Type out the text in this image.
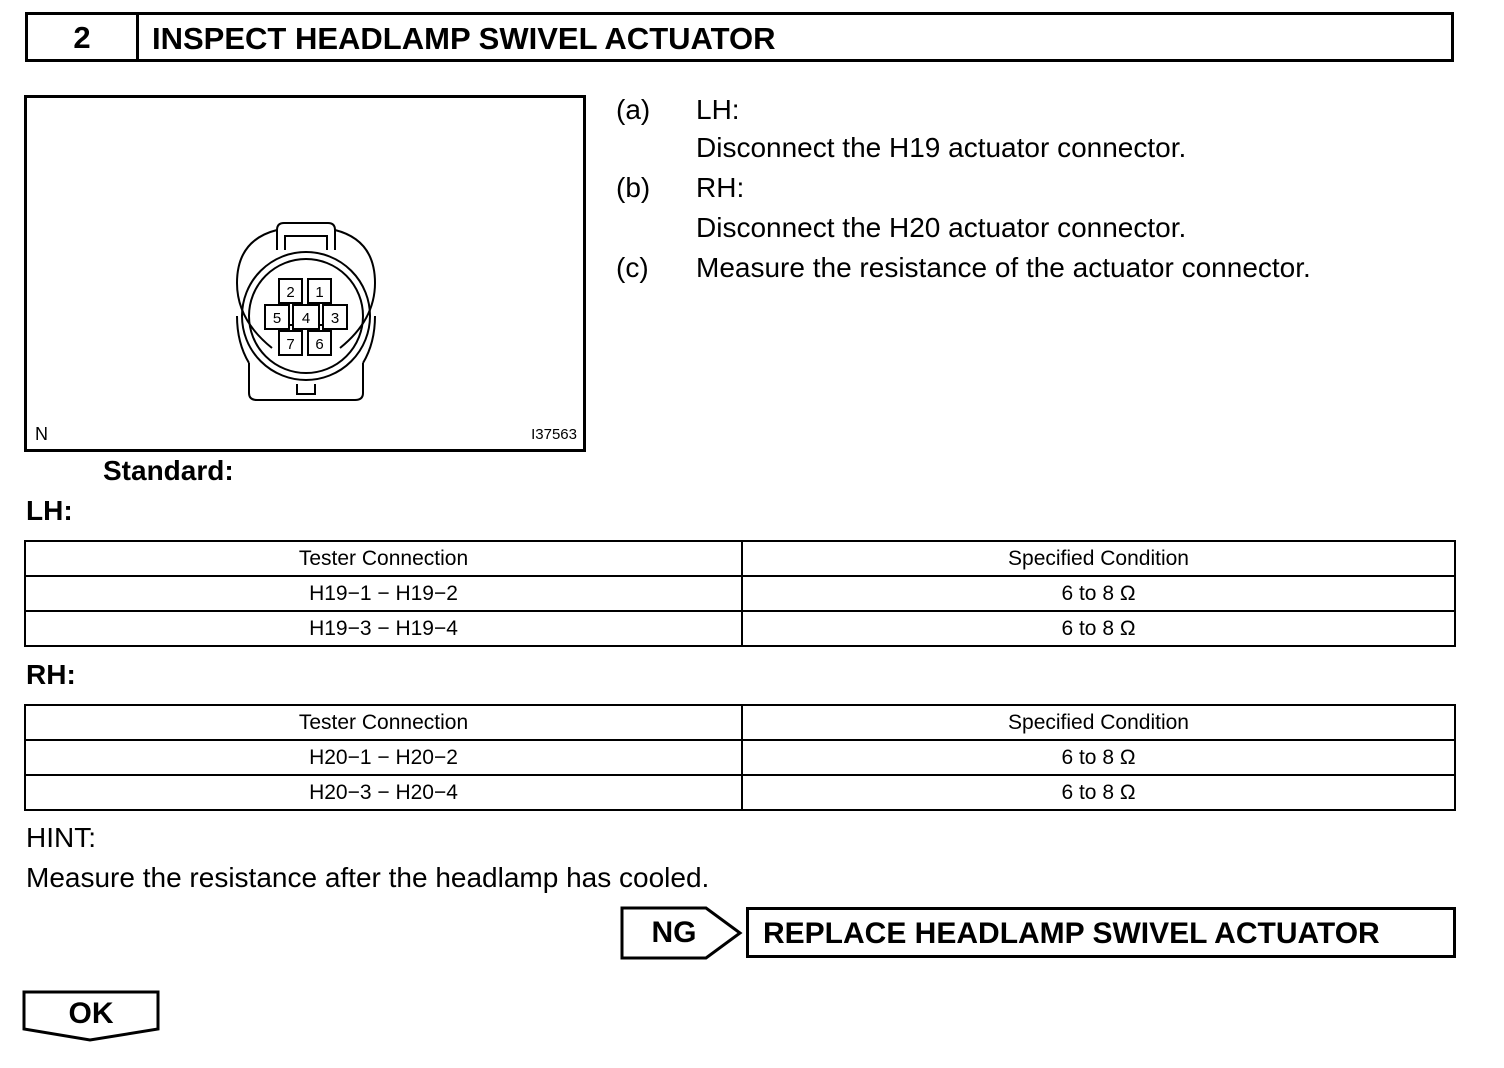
2	INSPECT HEADLAMP SWIVEL ACTUATOR
2 1
5 4 3
7 6
N	I37563
(a) LH:
Disconnect the H19 actuator connector.
(b) RH:
Disconnect the H20 actuator connector.
(c) Measure the resistance of the actuator connector.
Standard:
LH:
Tester Connection	Specified Condition
H19−1 − H19−2	6 to 8 Ω
H19−3 − H19−4	6 to 8 Ω
RH:
Tester Connection	Specified Condition
H20−1 − H20−2	6 to 8 Ω
H20−3 − H20−4	6 to 8 Ω
HINT:
Measure the resistance after the headlamp has cooled.
NG	REPLACE HEADLAMP SWIVEL ACTUATOR
OK
